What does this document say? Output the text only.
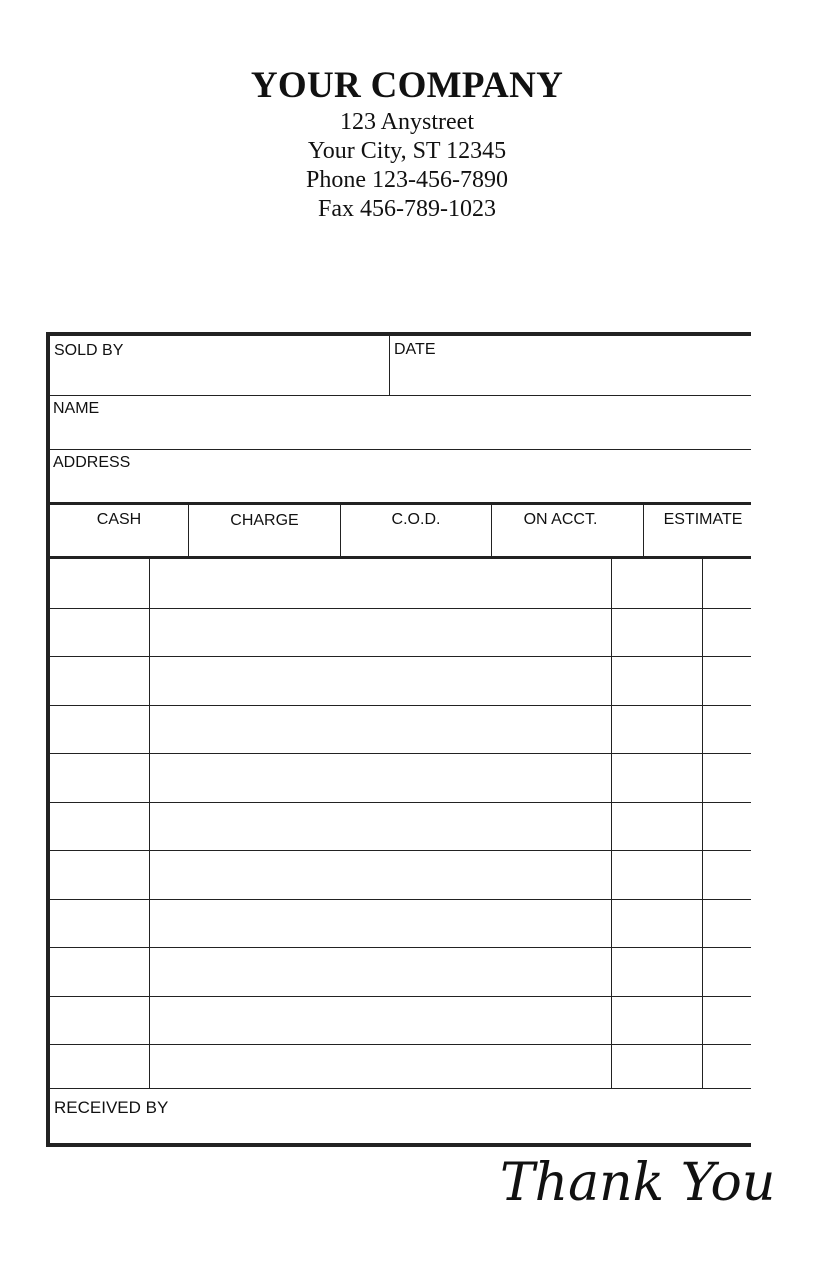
YOUR COMPANY
123 Anystreet
Your City, ST 12345
Phone 123-456-7890
Fax 456-789-1023
SOLD BY	DATE
NAME
ADDRESS
CASH	CHARGE	C.O.D.	ON ACCT.	ESTIMATE
RECEIVED BY
Thank You
